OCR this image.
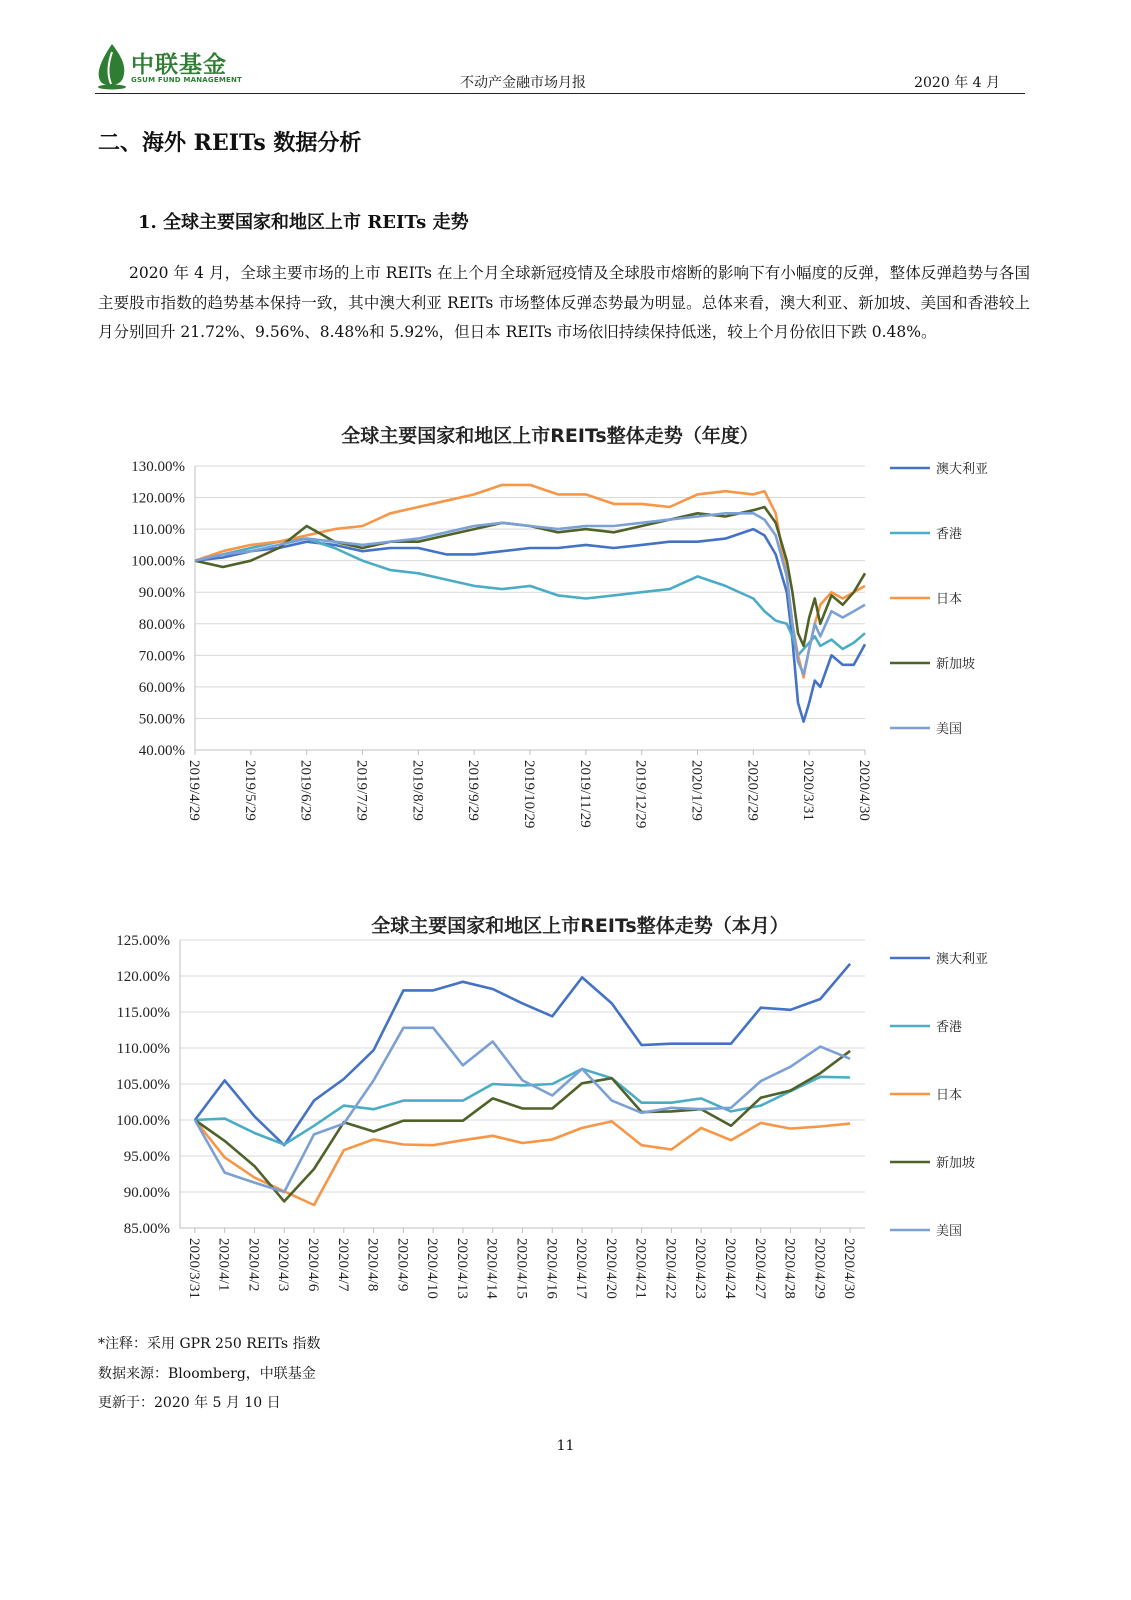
中联基金
GSUM FUND MANAGEMENT	不动产金融市场月报	2020 年 4 月
二、海外 REITs 数据分析
1. 全球主要国家和地区上市 REITs 走势
2020 年 4 月，全球主要市场的上市 REITs 在上个月全球新冠疫情及全球股市熔断的影响下有小幅度的反弹，整体反弹趋势与各国主要股市指数的趋势基本保持一致，其中澳大利亚 REITs 市场整体反弹态势最为明显。总体来看，澳大利亚、新加坡、美国和香港较上月分别回升 21.72%、9.56%、8.48%和 5.92%，但日本 REITs 市场依旧持续保持低迷，较上个月份依旧下跌 0.48%。
全球主要国家和地区上市REITs整体走势（年度）
130.00%
120.00%
110.00%
100.00%
90.00%
80.00%
70.00%
60.00%
50.00%
40.00%
2019/4/29	2019/5/29	2019/6/29	2019/7/29	2019/8/29	2019/9/29	2019/10/29	2019/11/29	2019/12/29	2020/1/29	2020/2/29	2020/3/31	2020/4/30
澳大利亚
香港
日本
新加坡
美国
全球主要国家和地区上市REITs整体走势（本月）
125.00%
120.00%
115.00%
110.00%
105.00%
100.00%
95.00%
90.00%
85.00%
2020/3/31 2020/4/1 2020/4/2 2020/4/3 2020/4/6 2020/4/7 2020/4/8 2020/4/9 2020/4/10 2020/4/13 2020/4/14 2020/4/15 2020/4/16 2020/4/17 2020/4/20 2020/4/21 2020/4/22 2020/4/23 2020/4/24 2020/4/27 2020/4/28 2020/4/29 2020/4/30
澳大利亚
香港
日本
新加坡
美国
*注释：采用 GPR 250 REITs 指数
数据来源：Bloomberg，中联基金
更新于：2020 年 5 月 10 日
11
